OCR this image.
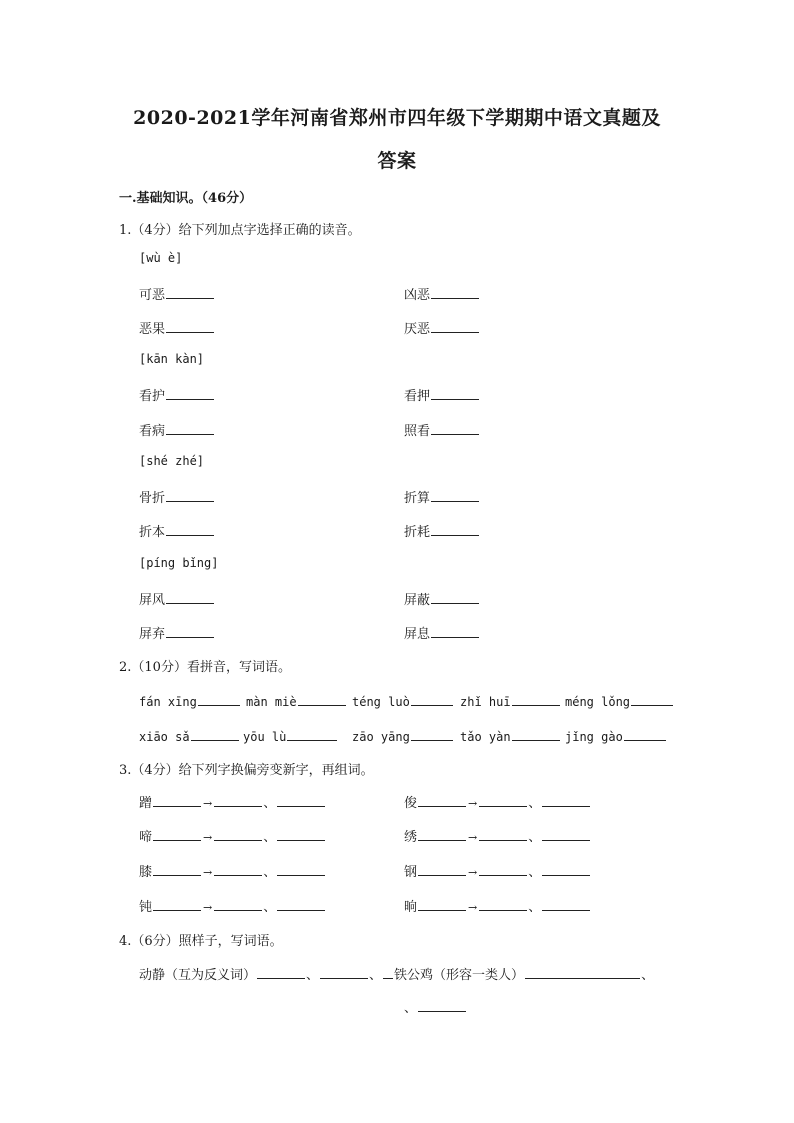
2020-2021学年河南省郑州市四年级下学期期中语文真题及
答案
一.基础知识。（46分）
1.（4分）给下列加点字选择正确的读音。
[wù è]
可恶	凶恶
恶果	厌恶
[kān kàn]
看护	看押
看病	照看
[shé zhé]
骨折	折算
折本	折耗
[píng bǐng]
屏风	屏蔽
屏弃	屏息
2.（10分）看拼音，写词语。
fán xīng	màn miè	téng luò	zhǐ huī	méng lǒng
xiāo sǎ	yōu lù	zāo yāng	tǎo yàn	jǐng gào
3.（4分）给下列字换偏旁变新字，再组词。
蹭	→	、	俊	→	、
啼	→	、	绣	→	、
膝	→	、	钢	→	、
钝	→	、	晌	→	、
4.（6分）照样子，写词语。
动静（互为反义词）	、	、 铁公鸡（形容一类人）	、
、
